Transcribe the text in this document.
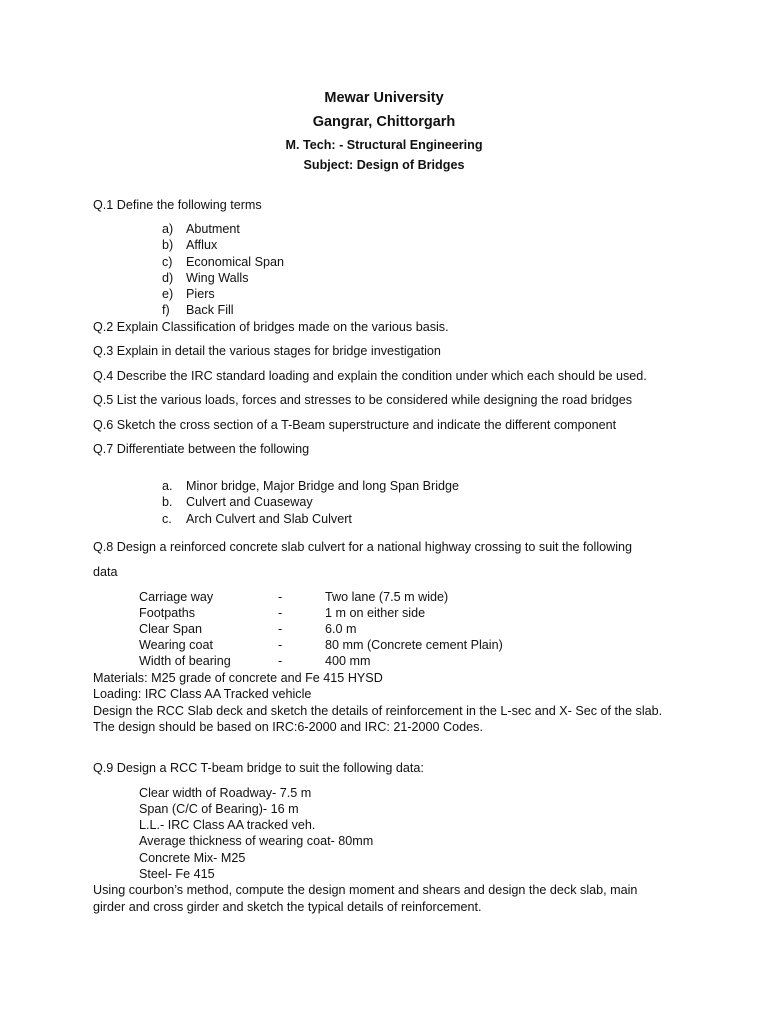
Mewar University
Gangrar, Chittorgarh
M. Tech: - Structural Engineering
Subject: Design of Bridges
Q.1 Define the following terms
a) Abutment
b) Afflux
c) Economical Span
d) Wing Walls
e) Piers
f) Back Fill
Q.2 Explain Classification of bridges made on the various basis.
Q.3 Explain in detail the various stages for bridge investigation
Q.4 Describe the IRC standard loading and explain the condition under which each should be used.
Q.5 List the various loads, forces and stresses to be considered while designing the road bridges
Q.6 Sketch the cross section of a T-Beam superstructure and indicate the different component
Q.7 Differentiate between the following
a. Minor bridge, Major Bridge and long Span Bridge
b. Culvert and Cuaseway
c. Arch Culvert and Slab Culvert
Q.8 Design a reinforced concrete slab culvert for a national highway crossing to suit the following
data
Carriage way	-	Two lane (7.5 m wide)
Footpaths	-	1 m on either side
Clear Span	-	6.0 m
Wearing coat	-	80 mm (Concrete cement Plain)
Width of bearing	-	400 mm
Materials: M25 grade of concrete and Fe 415 HYSD
Loading: IRC Class AA Tracked vehicle
Design the RCC Slab deck and sketch the details of reinforcement in the L-sec and X- Sec of the slab.
The design should be based on IRC:6-2000 and IRC: 21-2000 Codes.
Q.9 Design a RCC T-beam bridge to suit the following data:
Clear width of Roadway- 7.5 m
Span (C/C of Bearing)- 16 m
L.L.- IRC Class AA tracked veh.
Average thickness of wearing coat- 80mm
Concrete Mix- M25
Steel- Fe 415
Using courbon’s method, compute the design moment and shears and design the deck slab, main
girder and cross girder and sketch the typical details of reinforcement.
